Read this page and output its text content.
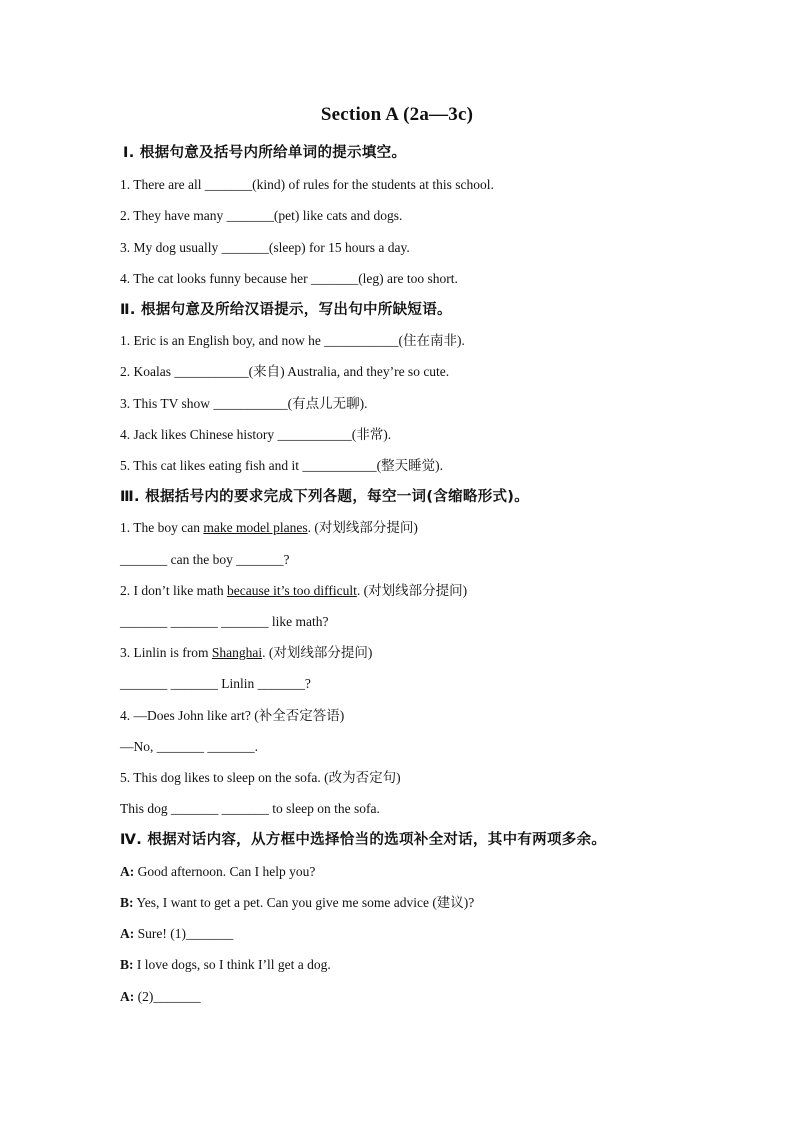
Section A (2a—3c)
Ⅰ. 根据句意及括号内所给单词的提示填空。
1. There are all _______(kind) of rules for the students at this school.
2. They have many _______(pet) like cats and dogs.
3. My dog usually _______(sleep) for 15 hours a day.
4. The cat looks funny because her _______(leg) are too short.
Ⅱ. 根据句意及所给汉语提示，写出句中所缺短语。
1. Eric is an English boy, and now he ___________(住在南非).
2. Koalas ___________(来自) Australia, and they’re so cute.
3. This TV show ___________(有点儿无聊).
4. Jack likes Chinese history ___________(非常).
5. This cat likes eating fish and it ___________(整天睡觉).
Ⅲ. 根据括号内的要求完成下列各题，每空一词(含缩略形式)。
1. The boy can make model planes. (对划线部分提问)
_______ can the boy _______?
2. I don’t like math because it’s too difficult. (对划线部分提问)
_______ _______ _______ like math?
3. Linlin is from Shanghai. (对划线部分提问)
_______ _______ Linlin _______?
4. —Does John like art? (补全否定答语)
—No, _______ _______.
5. This dog likes to sleep on the sofa. (改为否定句)
This dog _______ _______ to sleep on the sofa.
Ⅳ. 根据对话内容，从方框中选择恰当的选项补全对话，其中有两项多余。
A: Good afternoon. Can I help you?
B: Yes, I want to get a pet. Can you give me some advice (建议)?
A: Sure! (1)_______
B: I love dogs, so I think I’ll get a dog.
A: (2)_______
